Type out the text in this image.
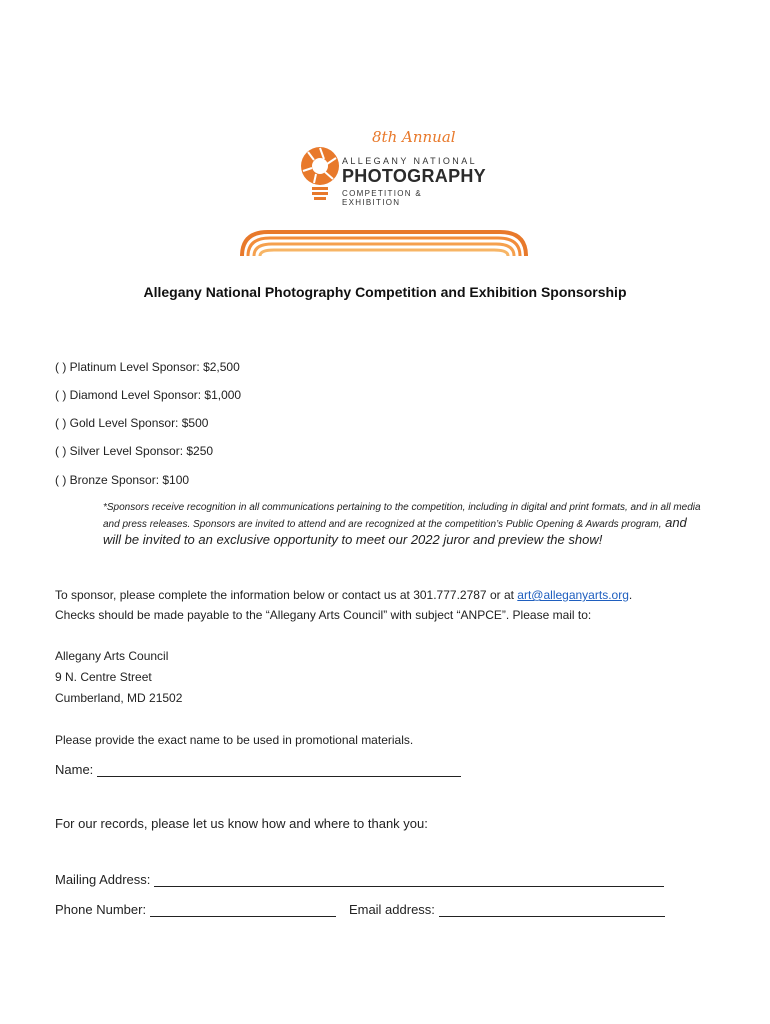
8th Annual
ALLEGANY NATIONAL
PHOTOGRAPHY
COMPETITION & EXHIBITION
Allegany National Photography Competition and Exhibition Sponsorship
( ) Platinum Level Sponsor: $2,500
( ) Diamond Level Sponsor: $1,000
( ) Gold Level Sponsor: $500
( ) Silver Level Sponsor: $250
( ) Bronze Sponsor: $100
*Sponsors receive recognition in all communications pertaining to the competition, including in digital and print formats, and in all media and press releases. Sponsors are invited to attend and are recognized at the competition’s Public Opening & Awards program, and will be invited to an exclusive opportunity to meet our 2022 juror and preview the show!
To sponsor, please complete the information below or contact us at 301.777.2787 or at art@alleganyarts.org.
Checks should be made payable to the “Allegany Arts Council” with subject “ANPCE”. Please mail to:
Allegany Arts Council
9 N. Centre Street
Cumberland, MD 21502
Please provide the exact name to be used in promotional materials.
Name:
For our records, please let us know how and where to thank you:
Mailing Address:
Phone Number:	Email address:
